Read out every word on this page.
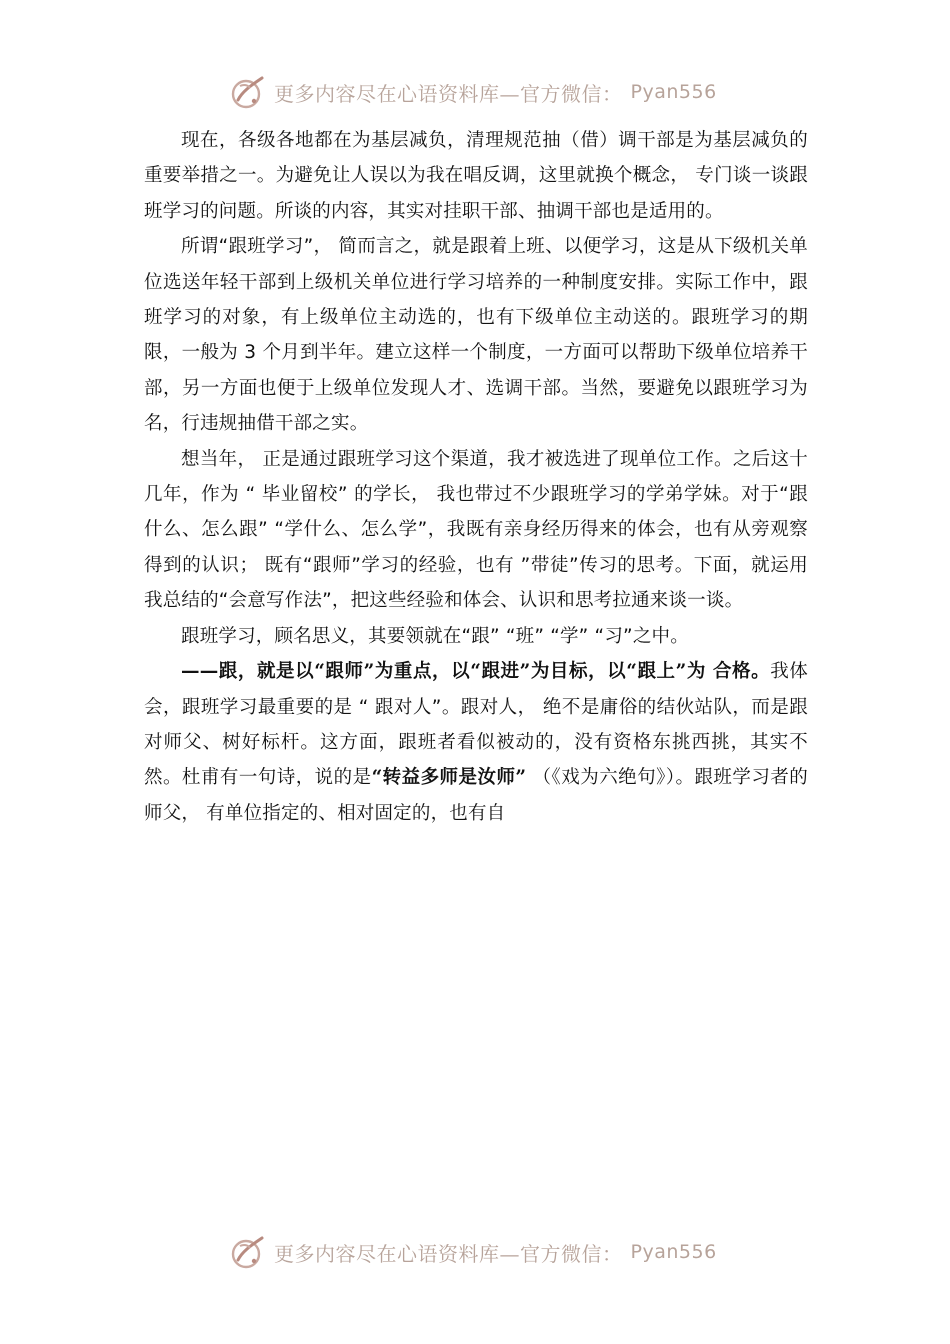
更多内容尽在心语资料库—官方微信： Pyan556

现在，各级各地都在为基层减负，清理规范抽（借）调干部是为基层减负的重要举措之一。为避免让人误以为我在唱反调，这里就换个概念， 专门谈一谈跟班学习的问题。所谈的内容，其实对挂职干部、抽调干部也是适用的。

所谓“跟班学习”， 简而言之，就是跟着上班、以便学习，这是从下级机关单位选送年轻干部到上级机关单位进行学习培养的一种制度安排。实际工作中，跟班学习的对象，有上级单位主动选的，也有下级单位主动送的。跟班学习的期限，一般为 3 个月到半年。建立这样一个制度，一方面可以帮助下级单位培养干部，另一方面也便于上级单位发现人才、选调干部。当然，要避免以跟班学习为名，行违规抽借干部之实。

想当年， 正是通过跟班学习这个渠道，我才被选进了现单位工作。之后这十几年，作为 “ 毕业留校” 的学长， 我也带过不少跟班学习的学弟学妹。对于“跟什么、怎么跟” “学什么、怎么学”，我既有亲身经历得来的体会，也有从旁观察得到的认识； 既有“跟师”学习的经验，也有 ”带徒”传习的思考。下面，就运用我总结的“会意写作法”，把这些经验和体会、认识和思考拉通来谈一谈。

跟班学习，顾名思义，其要领就在“跟” “班” “学” “习”之中。

——跟，就是以“跟师”为重点，以“跟进”为目标，以“跟上”为 合格。我体会，跟班学习最重要的是 “ 跟对人”。跟对人， 绝不是庸俗的结伙站队，而是跟对师父、树好标杆。这方面，跟班者看似被动的，没有资格东挑西挑，其实不然。杜甫有一句诗，说的是“转益多师是汝师” （《戏为六绝句》）。跟班学习者的师父， 有单位指定的、相对固定的，也有自

更多内容尽在心语资料库—官方微信： Pyan556
